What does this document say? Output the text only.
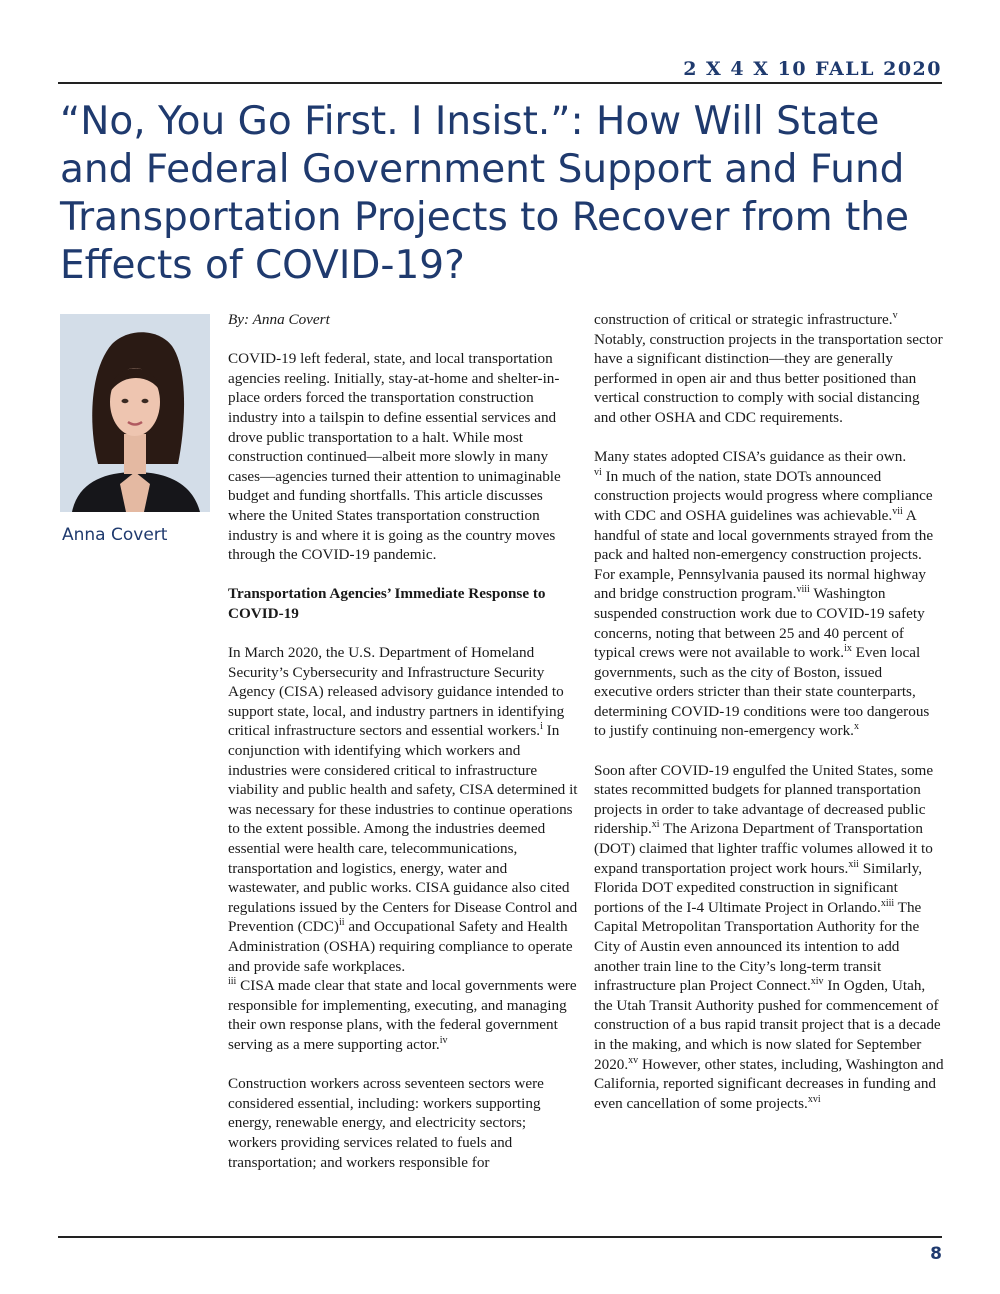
2 X 4 X 10 FALL 2020
“No, You Go First. I Insist.”: How Will State and Federal Government Support and Fund Transportation Projects to Recover from the Effects of COVID-19?
Anna Covert

By: Anna Covert

COVID-19 left federal, state, and local transportation agencies reeling. Initially, stay-at-home and shelter-in-place orders forced the transportation construction industry into a tailspin to define essential services and drove public transportation to a halt. While most construction continued—albeit more slowly in many cases—agencies turned their attention to unimaginable budget and funding shortfalls. This article discusses where the United States transportation construction industry is and where it is going as the country moves through the COVID-19 pandemic.

Transportation Agencies’ Immediate Response to COVID-19

In March 2020, the U.S. Department of Homeland Security’s Cybersecurity and Infrastructure Security Agency (CISA) released advisory guidance intended to support state, local, and industry partners in identifying critical infrastructure sectors and essential workers.$^i$ In conjunction with identifying which workers and industries were considered critical to infrastructure viability and public health and safety, CISA determined it was necessary for these industries to continue operations to the extent possible. Among the industries deemed essential were health care, telecommunications, transportation and logistics, energy, water and wastewater, and public works. CISA guidance also cited regulations issued by the Centers for Disease Control and Prevention (CDC)$^{ii}$ and Occupational Safety and Health Administration (OSHA) requiring compliance to operate and provide safe workplaces.
$^{iii}$ CISA made clear that state and local governments were responsible for implementing, executing, and managing their own response plans, with the federal government serving as a mere supporting actor.$^{iv}$

Construction workers across seventeen sectors were considered essential, including: workers supporting energy, renewable energy, and electricity sectors; workers providing services related to fuels and transportation; and workers responsible for

construction of critical or strategic infrastructure.$^v$ Notably, construction projects in the transportation sector have a significant distinction—they are generally performed in open air and thus better positioned than vertical construction to comply with social distancing and other OSHA and CDC requirements.

Many states adopted CISA’s guidance as their own.
$^{vi}$ In much of the nation, state DOTs announced construction projects would progress where compliance with CDC and OSHA guidelines was achievable.$^{vii}$ A handful of state and local governments strayed from the pack and halted non-emergency construction projects. For example, Pennsylvania paused its normal highway and bridge construction program.$^{viii}$ Washington suspended construction work due to COVID-19 safety concerns, noting that between 25 and 40 percent of typical crews were not available to work.$^{ix}$ Even local governments, such as the city of Boston, issued executive orders stricter than their state counterparts, determining COVID-19 conditions were too dangerous to justify continuing non-emergency work.$^x$

Soon after COVID-19 engulfed the United States, some states recommitted budgets for planned transportation projects in order to take advantage of decreased public ridership.$^{xi}$ The Arizona Department of Transportation (DOT) claimed that lighter traffic volumes allowed it to expand transportation project work hours.$^{xii}$ Similarly, Florida DOT expedited construction in significant portions of the I-4 Ultimate Project in Orlando.$^{xiii}$ The Capital Metropolitan Transportation Authority for the City of Austin even announced its intention to add another train line to the City’s long-term transit infrastructure plan Project Connect.$^{xiv}$ In Ogden, Utah, the Utah Transit Authority pushed for commencement of construction of a bus rapid transit project that is a decade in the making, and which is now slated for September 2020.$^{xv}$ However, other states, including, Washington and California, reported significant decreases in funding and even cancellation of some projects.$^{xvi}$

8
